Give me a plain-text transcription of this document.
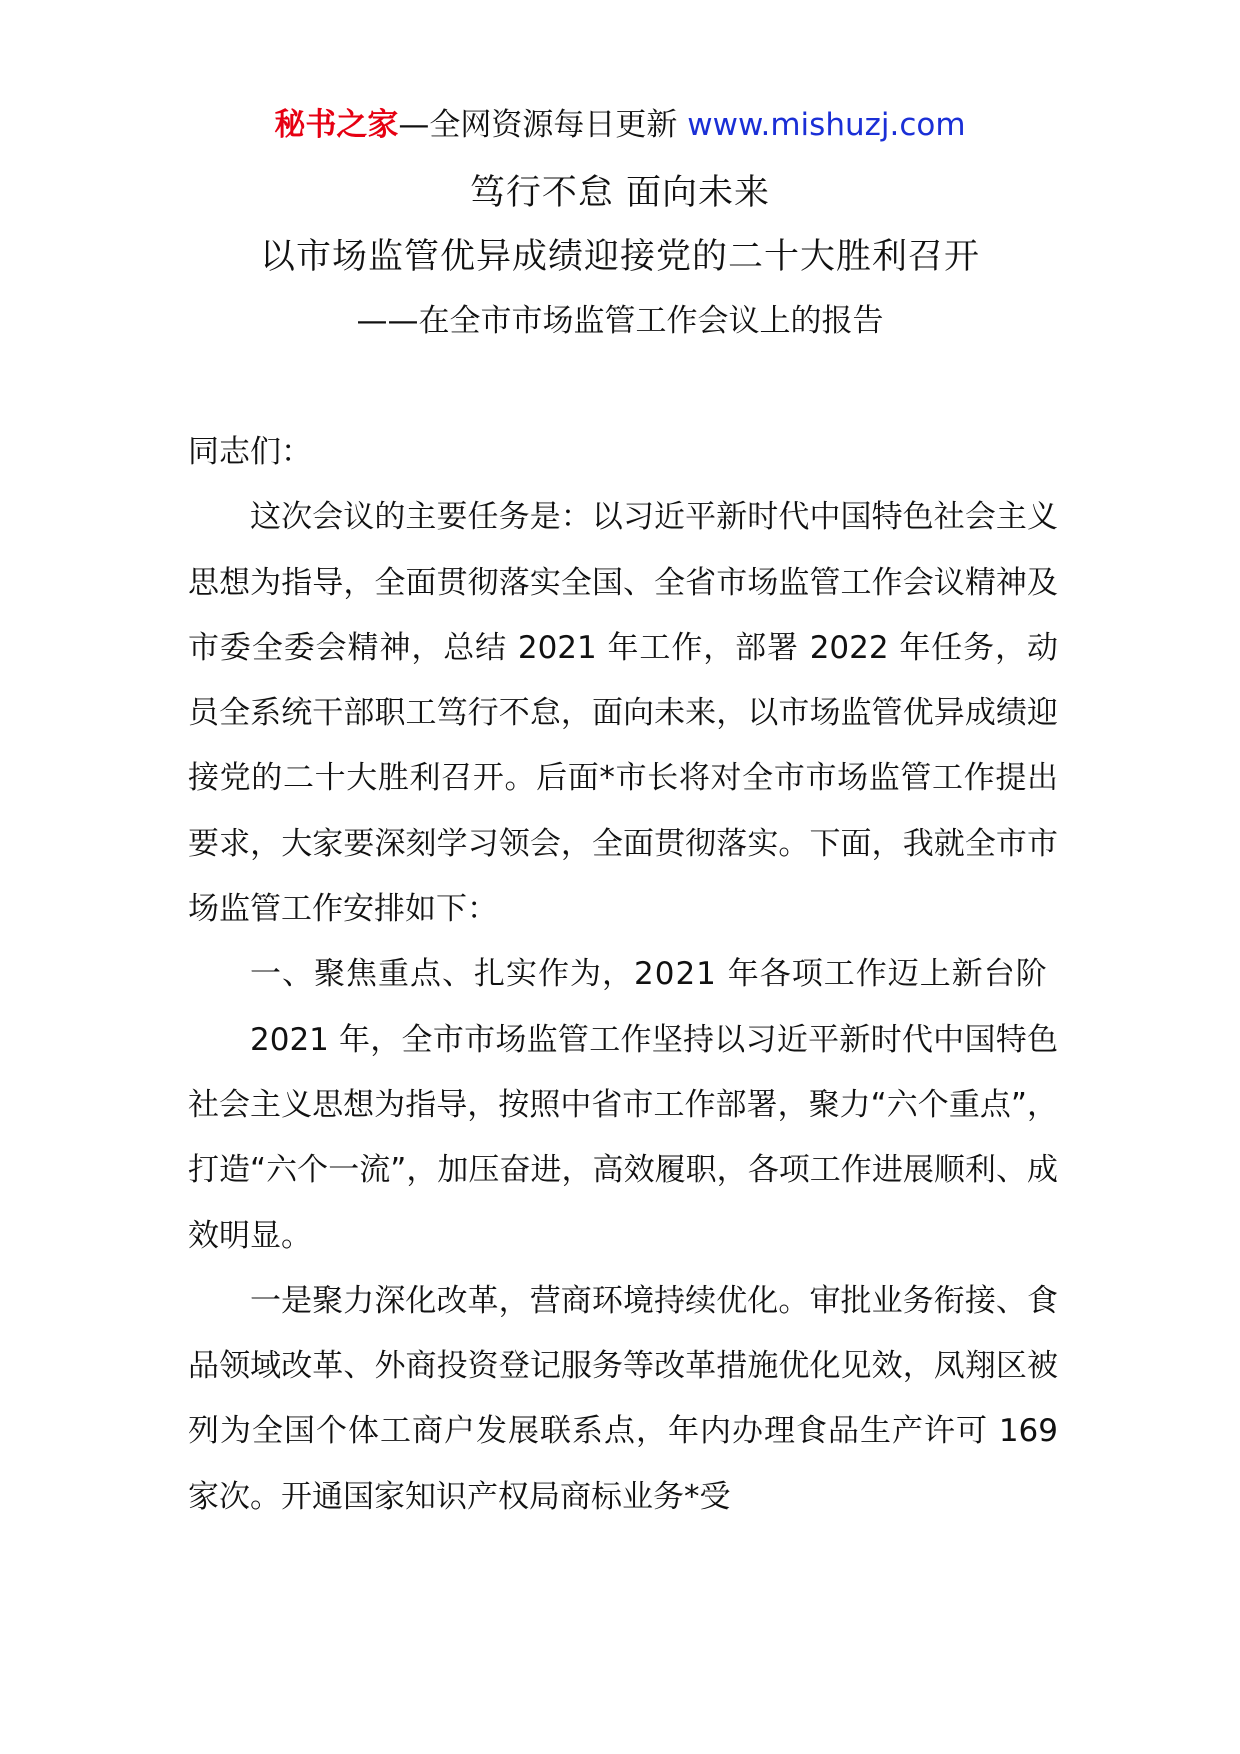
秘书之家—全网资源每日更新 www.mishuzj.com
笃行不怠 面向未来
以市场监管优异成绩迎接党的二十大胜利召开
——在全市市场监管工作会议上的报告

同志们：

这次会议的主要任务是：以习近平新时代中国特色社会主义思想为指导，全面贯彻落实全国、全省市场监管工作会议精神及市委全委会精神，总结 2021 年工作，部署 2022 年任务，动员全系统干部职工笃行不怠，面向未来，以市场监管优异成绩迎接党的二十大胜利召开。后面*市长将对全市市场监管工作提出要求，大家要深刻学习领会，全面贯彻落实。下面，我就全市市场监管工作安排如下：

一、聚焦重点、扎实作为，2021 年各项工作迈上新台阶

2021 年，全市市场监管工作坚持以习近平新时代中国特色社会主义思想为指导，按照中省市工作部署，聚力“六个重点”，打造“六个一流”，加压奋进，高效履职，各项工作进展顺利、成效明显。

一是聚力深化改革，营商环境持续优化。审批业务衔接、食品领域改革、外商投资登记服务等改革措施优化见效，凤翔区被列为全国个体工商户发展联系点，年内办理食品生产许可 169 家次。开通国家知识产权局商标业务*受
